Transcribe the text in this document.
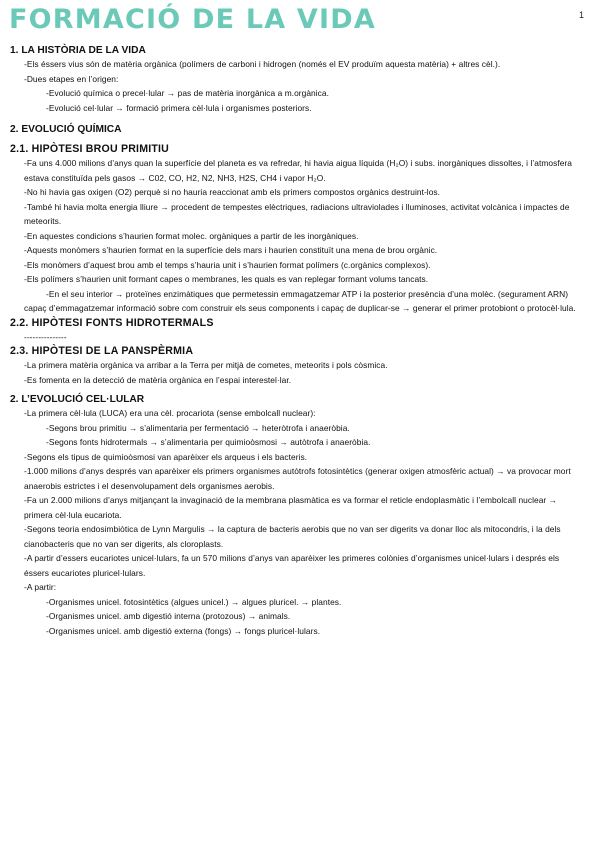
FORMACIÓ DE LA VIDA	1

1. LA HISTÒRIA DE LA VIDA

-Els éssers vius són de matèria orgànica (polímers de carboni i hidrogen (només el EV produïm aquesta matèria) + altres cèl.).

-Dues etapes en l’origen:

-Evolució química o precel·lular → pas de matèria inorgànica a m.orgànica.

-Evolució cel·lular → formació primera cèl·lula i organismes posteriors.

2. EVOLUCIÓ QUÍMICA

2.1. HIPÒTESI BROU PRIMITIU

-Fa uns 4.000 milions d’anys quan la superfície del planeta es va refredar, hi havia aigua líquida (H₂O) i subs. inorgàniques dissoltes, i l’atmosfera estava constituïda pels gasos → C02, CO, H2, N2, NH3, H2S, CH4 i vapor H₂O.

-No hi havia gas oxigen (O2) perquè si no hauria reaccionat amb els primers compostos orgànics destruint-los.

-També hi havia molta energia lliure → procedent de tempestes elèctriques, radiacions ultraviolades i lluminoses, activitat volcànica i impactes de meteorits.

-En aquestes condicions s’haurien format molec. orgàniques a partir de les inorgàniques.

-Aquests monòmers s’haurien format en la superfície dels mars i haurien constituït una mena de brou orgànic.

-Els monòmers d’aquest brou amb el temps s’hauria unit i s’haurien format polímers (c.orgànics complexos).

-Els polímers s’haurien unit formant capes o membranes, les quals es van replegar formant volums tancats.

-En el seu interior → proteïnes enzimàtiques que permetessin emmagatzemar ATP i la posterior presència d’una molèc. (segurament ARN) capaç d’emmagatzemar informació sobre com construir els seus components i capaç de duplicar-se → generar el primer protobiont o protocèl·lula.

2.2. HIPÒTESI FONTS HIDROTERMALS

---------------

2.3. HIPÒTESI DE LA PANSPÈRMIA

-La primera matèria orgànica va arribar a la Terra per mitjà de cometes, meteorits i pols còsmica.

-Es fomenta en la detecció de matèria orgànica en l’espai interestel·lar.

2. L’EVOLUCIÓ CEL·LULAR

-La primera cèl·lula (LUCA) era una cèl. procariota (sense embolcall nuclear):

-Segons brou primitiu → s’alimentaria per fermentació → heteròtrofa i anaeròbia.

-Segons fonts hidrotermals → s’alimentaria per quimioòsmosi → autòtrofa i anaeròbia.

-Segons els tipus de quimioòsmosi van aparèixer els arqueus i els bacteris.

-1.000 milions d’anys després van aparèixer els primers organismes autòtrofs fotosintètics (generar oxigen atmosfèric actual) → va provocar mort anaerobis estrictes i el desenvolupament dels organismes aerobis.

-Fa un 2.000 milions d’anys mitjançant la invaginació de la membrana plasmàtica es va formar el reticle endoplasmàtic i l’embolcall nuclear → primera cèl·lula eucariota.

-Segons teoria endosimbiòtica de Lynn Margulis → la captura de bacteris aerobis que no van ser digerits va donar lloc als mitocondris, i la dels cianobacteris que no van ser digerits, als cloroplasts.

-A partir d’essers eucariotes unicel·lulars, fa un 570 milions d’anys van aparèixer les primeres colònies d’organismes unicel·lulars i després els éssers eucariotes pluricel·lulars.

-A partir:

-Organismes unicel. fotosintètics (algues unicel.) → algues pluricel. → plantes.

-Organismes unicel. amb digestió interna (protozous) → animals.

-Organismes unicel. amb digestió externa (fongs) → fongs pluricel·lulars.
